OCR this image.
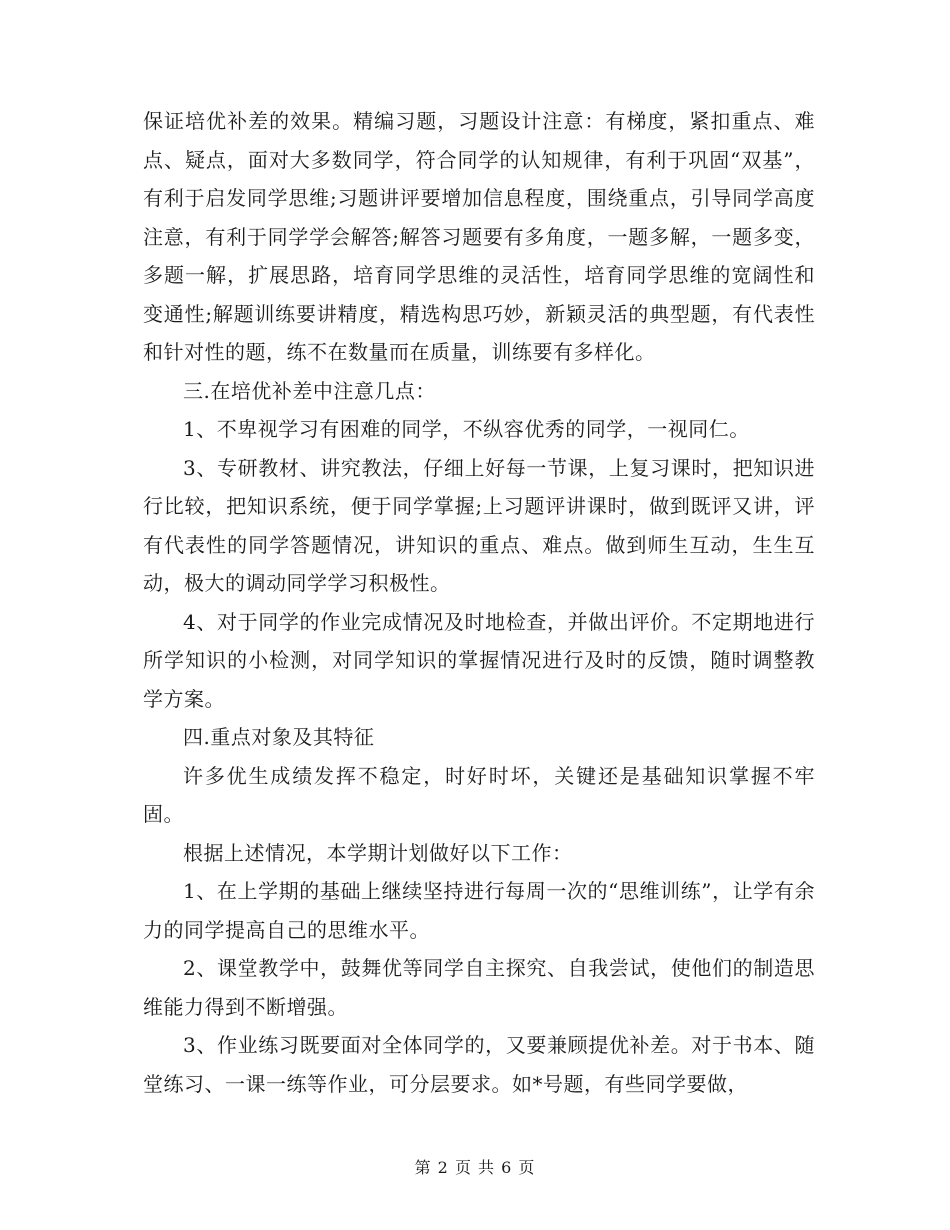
保证培优补差的效果。精编习题，习题设计注意：有梯度，紧扣重点、难点、疑点，面对大多数同学，符合同学的认知规律，有利于巩固“双基”，有利于启发同学思维;习题讲评要增加信息程度，围绕重点，引导同学高度注意，有利于同学学会解答;解答习题要有多角度，一题多解，一题多变，多题一解，扩展思路，培育同学思维的灵活性，培育同学思维的宽阔性和变通性;解题训练要讲精度，精选构思巧妙，新颖灵活的典型题，有代表性和针对性的题，练不在数量而在质量，训练要有多样化。

三.在培优补差中注意几点：

1、不卑视学习有困难的同学，不纵容优秀的同学，一视同仁。

3、专研教材、讲究教法，仔细上好每一节课，上复习课时，把知识进行比较，把知识系统，便于同学掌握;上习题评讲课时，做到既评又讲，评有代表性的同学答题情况，讲知识的重点、难点。做到师生互动，生生互动，极大的调动同学学习积极性。

4、对于同学的作业完成情况及时地检查，并做出评价。不定期地进行所学知识的小检测，对同学知识的掌握情况进行及时的反馈，随时调整教学方案。

四.重点对象及其特征

许多优生成绩发挥不稳定，时好时坏，关键还是基础知识掌握不牢固。

根据上述情况，本学期计划做好以下工作：

1、在上学期的基础上继续坚持进行每周一次的“思维训练”，让学有余力的同学提高自己的思维水平。

2、课堂教学中，鼓舞优等同学自主探究、自我尝试，使他们的制造思维能力得到不断增强。

3、作业练习既要面对全体同学的，又要兼顾提优补差。对于书本、随堂练习、一课一练等作业，可分层要求。如*号题，有些同学要做，

第 2 页 共 6 页
